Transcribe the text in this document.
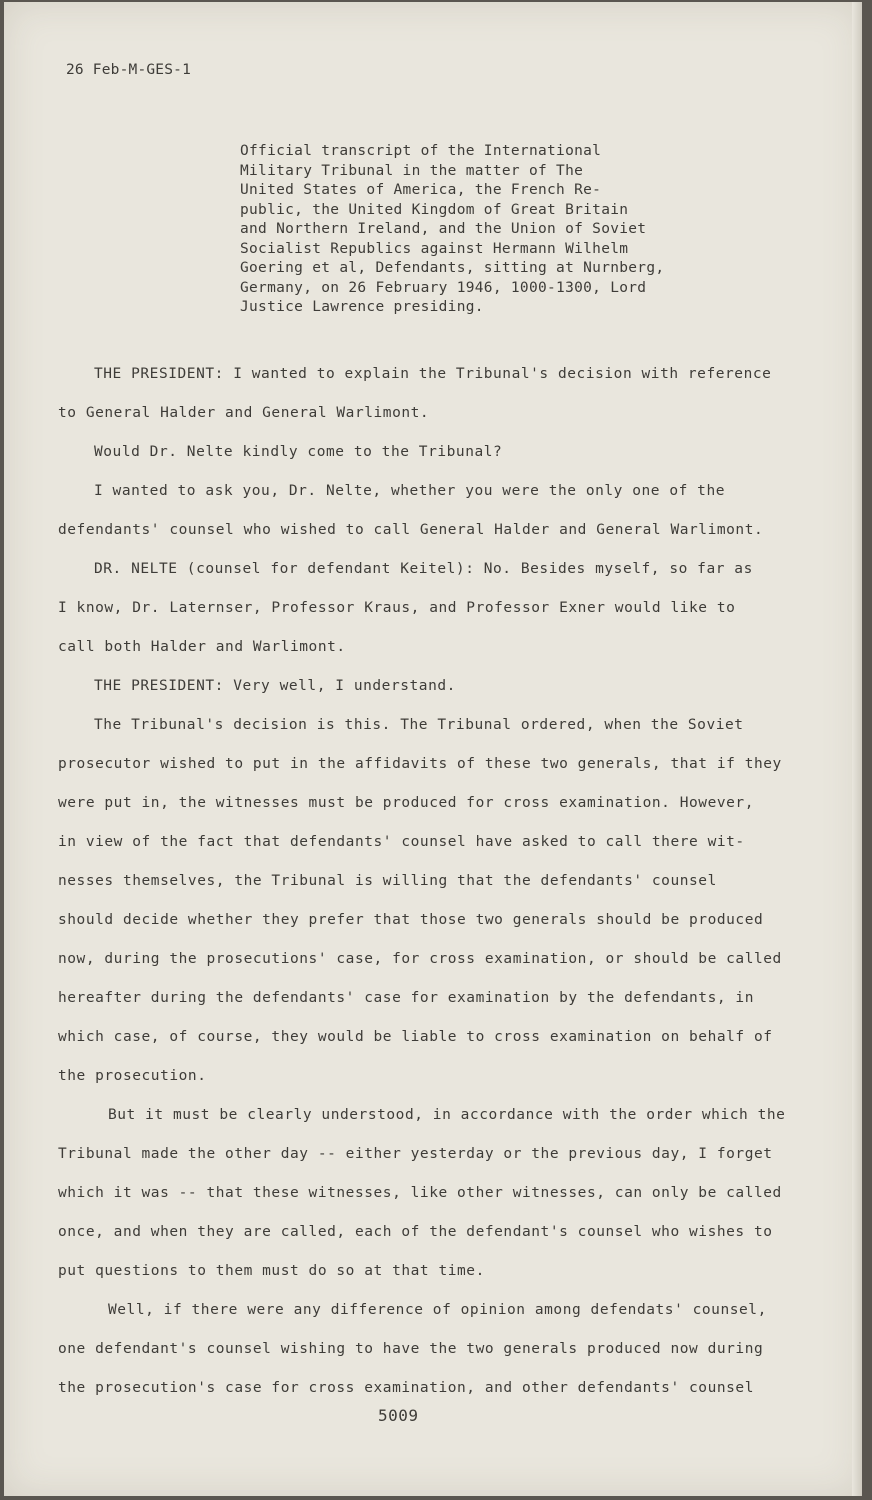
26 Feb-M-GES-1
Official transcript of the International
Military Tribunal in the matter of The
United States of America, the French Re-
public, the United Kingdom of Great Britain
and Northern Ireland, and the Union of Soviet
Socialist Republics against Hermann Wilhelm
Goering et al, Defendants, sitting at Nurnberg,
Germany, on 26 February 1946, 1000-1300, Lord
Justice Lawrence presiding.
THE PRESIDENT: I wanted to explain the Tribunal's decision with reference
to General Halder and General Warlimont.
Would Dr. Nelte kindly come to the Tribunal?
I wanted to ask you, Dr. Nelte, whether you were the only one of the
defendants' counsel who wished to call General Halder and General Warlimont.
DR. NELTE (counsel for defendant Keitel): No. Besides myself, so far as
I know, Dr. Laternser, Professor Kraus, and Professor Exner would like to
call both Halder and Warlimont.
THE PRESIDENT: Very well, I understand.
The Tribunal's decision is this. The Tribunal ordered, when the Soviet
prosecutor wished to put in the affidavits of these two generals, that if they
were put in, the witnesses must be produced for cross examination. However,
in view of the fact that defendants' counsel have asked to call there wit-
nesses themselves, the Tribunal is willing that the defendants' counsel
should decide whether they prefer that those two generals should be produced
now, during the prosecutions' case, for cross examination, or should be called
hereafter during the defendants' case for examination by the defendants, in
which case, of course, they would be liable to cross examination on behalf of
the prosecution.
But it must be clearly understood, in accordance with the order which the
Tribunal made the other day -- either yesterday or the previous day, I forget
which it was -- that these witnesses, like other witnesses, can only be called
once, and when they are called, each of the defendant's counsel who wishes to
put questions to them must do so at that time.
Well, if there were any difference of opinion among defendats' counsel,
one defendant's counsel wishing to have the two generals produced now during
the prosecution's case for cross examination, and other defendants' counsel
5009
